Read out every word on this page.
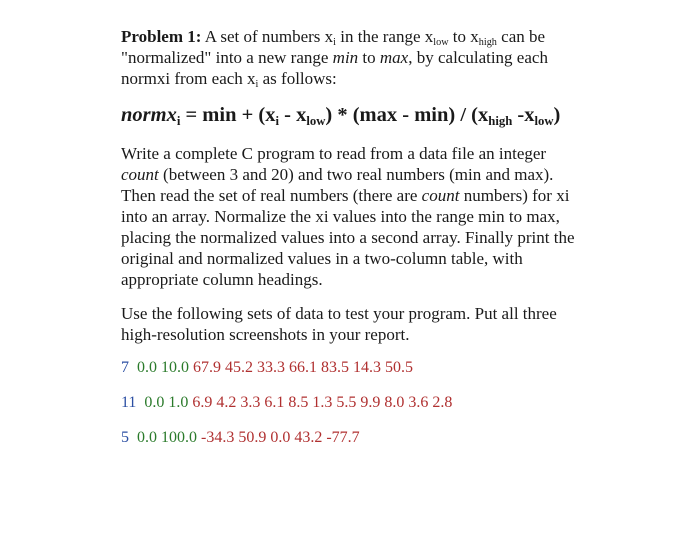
Problem 1: A set of numbers $x_i$ in the range $x_{low}$ to $x_{high}$ can be "normalized" into a new range min to max, by calculating each normxi from each $x_i$ as follows:

normx$_i$ = $\min + (x_i - x_{low}) * (\max - \min) / (x_{high}$ $-x_{low}$)

Write a complete C program to read from a data file an integer count (between 3 and 20) and two real numbers (min and max). Then read the set of real numbers (there are count numbers) for xi into an array. Normalize the xi values into the range min to max, placing the normalized values into a second array. Finally print the original and normalized values in a two-column table, with appropriate column headings.

Use the following sets of data to test your program. Put all three high-resolution screenshots in your report.

7 0.0 10.0 67.9 45.2 33.3 66.1 83.5 14.3 50.5

11 0.0 1.0 6.9 4.2 3.3 6.1 8.5 1.3 5.5 9.9 8.0 3.6 2.8

5 0.0 100.0 -34.3 50.9 0.0 43.2 -77.7
